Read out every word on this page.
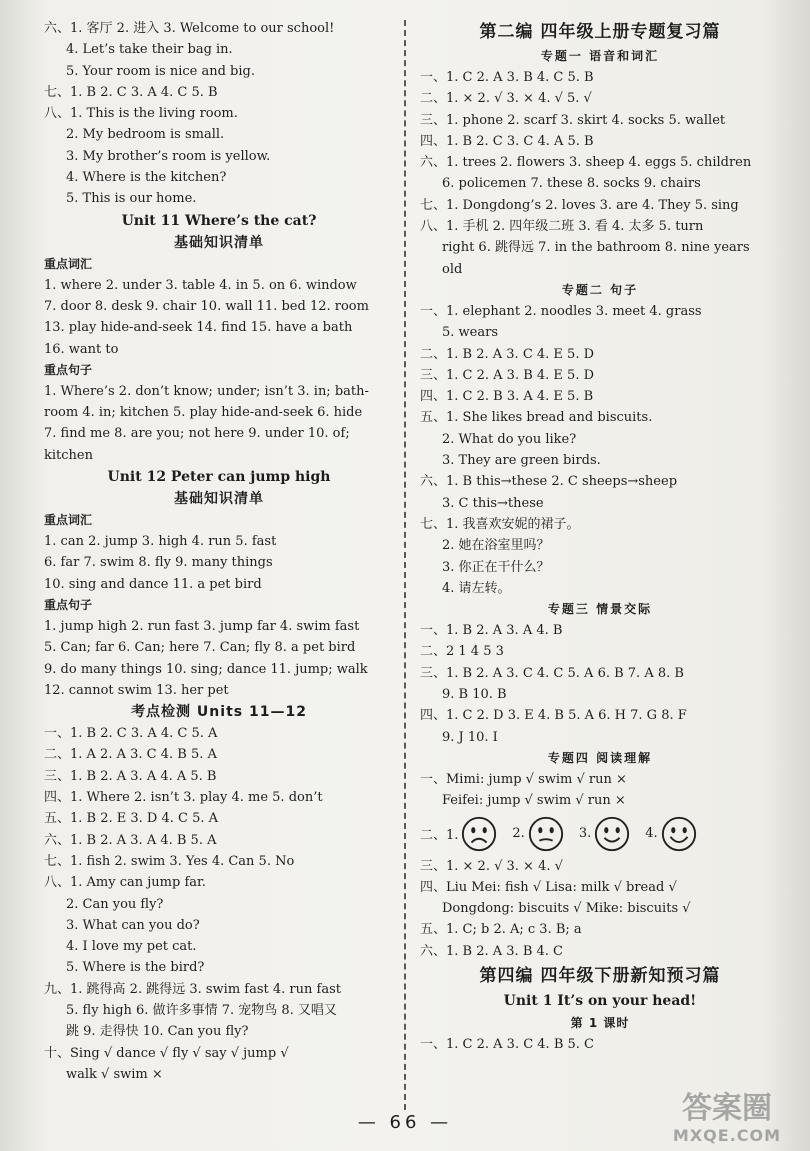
六、1. 客厅 2. 进入 3. Welcome to our school!
4. Let’s take their bag in.
5. Your room is nice and big.
七、1. B 2. C 3. A 4. C 5. B
八、1. This is the living room.
2. My bedroom is small.
3. My brother’s room is yellow.
4. Where is the kitchen?
5. This is our home.
Unit 11 Where’s the cat?
基础知识清单
重点词汇
1. where 2. under 3. table 4. in 5. on 6. window
7. door 8. desk 9. chair 10. wall 11. bed 12. room
13. play hide-and-seek 14. find 15. have a bath
16. want to
重点句子
1. Where’s 2. don’t know; under; isn’t 3. in; bath-
room 4. in; kitchen 5. play hide-and-seek 6. hide
7. find me 8. are you; not here 9. under 10. of;
kitchen
Unit 12 Peter can jump high
基础知识清单
重点词汇
1. can 2. jump 3. high 4. run 5. fast
6. far 7. swim 8. fly 9. many things
10. sing and dance 11. a pet bird
重点句子
1. jump high 2. run fast 3. jump far 4. swim fast
5. Can; far 6. Can; here 7. Can; fly 8. a pet bird
9. do many things 10. sing; dance 11. jump; walk
12. cannot swim 13. her pet
考点检测 Units 11—12
一、1. B 2. C 3. A 4. C 5. A
二、1. A 2. A 3. C 4. B 5. A
三、1. B 2. A 3. A 4. A 5. B
四、1. Where 2. isn’t 3. play 4. me 5. don’t
五、1. B 2. E 3. D 4. C 5. A
六、1. B 2. A 3. A 4. B 5. A
七、1. fish 2. swim 3. Yes 4. Can 5. No
八、1. Amy can jump far.
2. Can you fly?
3. What can you do?
4. I love my pet cat.
5. Where is the bird?
九、1. 跳得高 2. 跳得远 3. swim fast 4. run fast
5. fly high 6. 做许多事情 7. 宠物鸟 8. 又唱又
跳 9. 走得快 10. Can you fly?
十、Sing √ dance √ fly √ say √ jump √
walk √ swim ×
第二编 四年级上册专题复习篇
专题一 语音和词汇
一、1. C 2. A 3. B 4. C 5. B
二、1. × 2. √ 3. × 4. √ 5. √
三、1. phone 2. scarf 3. skirt 4. socks 5. wallet
四、1. B 2. C 3. C 4. A 5. B
六、1. trees 2. flowers 3. sheep 4. eggs 5. children
6. policemen 7. these 8. socks 9. chairs
七、1. Dongdong’s 2. loves 3. are 4. They 5. sing
八、1. 手机 2. 四年级二班 3. 看 4. 太多 5. turn
right 6. 跳得远 7. in the bathroom 8. nine years
old
专题二 句子
一、1. elephant 2. noodles 3. meet 4. grass
5. wears
二、1. B 2. A 3. C 4. E 5. D
三、1. C 2. A 3. B 4. E 5. D
四、1. C 2. B 3. A 4. E 5. B
五、1. She likes bread and biscuits.
2. What do you like?
3. They are green birds.
六、1. B this→these 2. C sheeps→sheep
3. C this→these
七、1. 我喜欢安妮的裙子。
2. 她在浴室里吗？
3. 你正在干什么？
4. 请左转。
专题三 情景交际
一、1. B 2. A 3. A 4. B
二、2 1 4 5 3
三、1. B 2. A 3. C 4. C 5. A 6. B 7. A 8. B
9. B 10. B
四、1. C 2. D 3. E 4. B 5. A 6. H 7. G 8. F
9. J 10. I
专题四 阅读理解
一、Mimi: jump √ swim √ run ×
Feifei: jump √ swim √ run ×
二、1.	2.	3.	4.
三、1. × 2. √ 3. × 4. √
四、Liu Mei: fish √ Lisa: milk √ bread √
Dongdong: biscuits √ Mike: biscuits √
五、1. C; b 2. A; c 3. B; a
六、1. B 2. A 3. B 4. C
第四编 四年级下册新知预习篇
Unit 1 It’s on your head!
第 1 课时
一、1. C 2. A 3. C 4. B 5. C
— 66 —	答案圈
MXQE.COM
